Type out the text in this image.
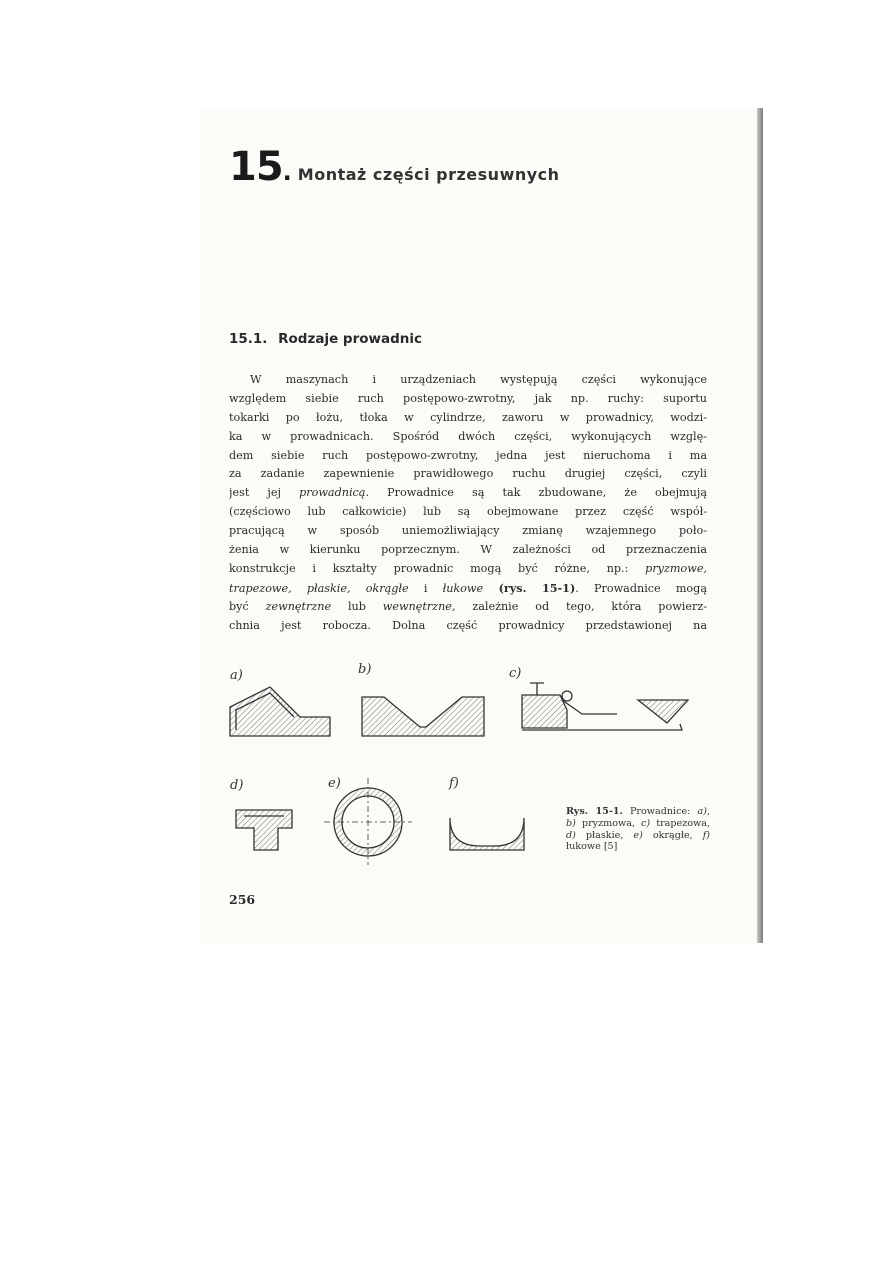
15 . Montaż części przesuwnych
15.1. Rodzaje prowadnic
W maszynach i urządzeniach występują części wykonujące
względem siebie ruch postępowo-zwrotny, jak np. ruchy: suportu
tokarki po łożu, tłoka w cylindrze, zaworu w prowadnicy, wodzi-
ka w prowadnicach. Spośród dwóch części, wykonujących wzglę-
dem siebie ruch postępowo-zwrotny, jedna jest nieruchoma i ma
za zadanie zapewnienie prawidłowego ruchu drugiej części, czyli
jest jej prowadnicą. Prowadnice są tak zbudowane, że obejmują
(częściowo lub całkowicie) lub są obejmowane przez część współ-
pracującą w sposób uniemożliwiający zmianę wzajemnego poło-
żenia w kierunku poprzecznym. W zależności od przeznaczenia
konstrukcje i kształty prowadnic mogą być różne, np.: pryzmowe,
trapezowe, płaskie, okrągłe i łukowe (rys. 15-1). Prowadnice mogą
być zewnętrzne lub wewnętrzne, zależnie od tego, która powierz-
chnia jest robocza. Dolna część prowadnicy przedstawionej na
a)	b)	c)
d)	e)	f)
Rys. 15-1. Prowadnice: a), b) pryzmowa, c) trapezowa, d) płaskie, e) okrągłe, f) łukowe [5]
256
